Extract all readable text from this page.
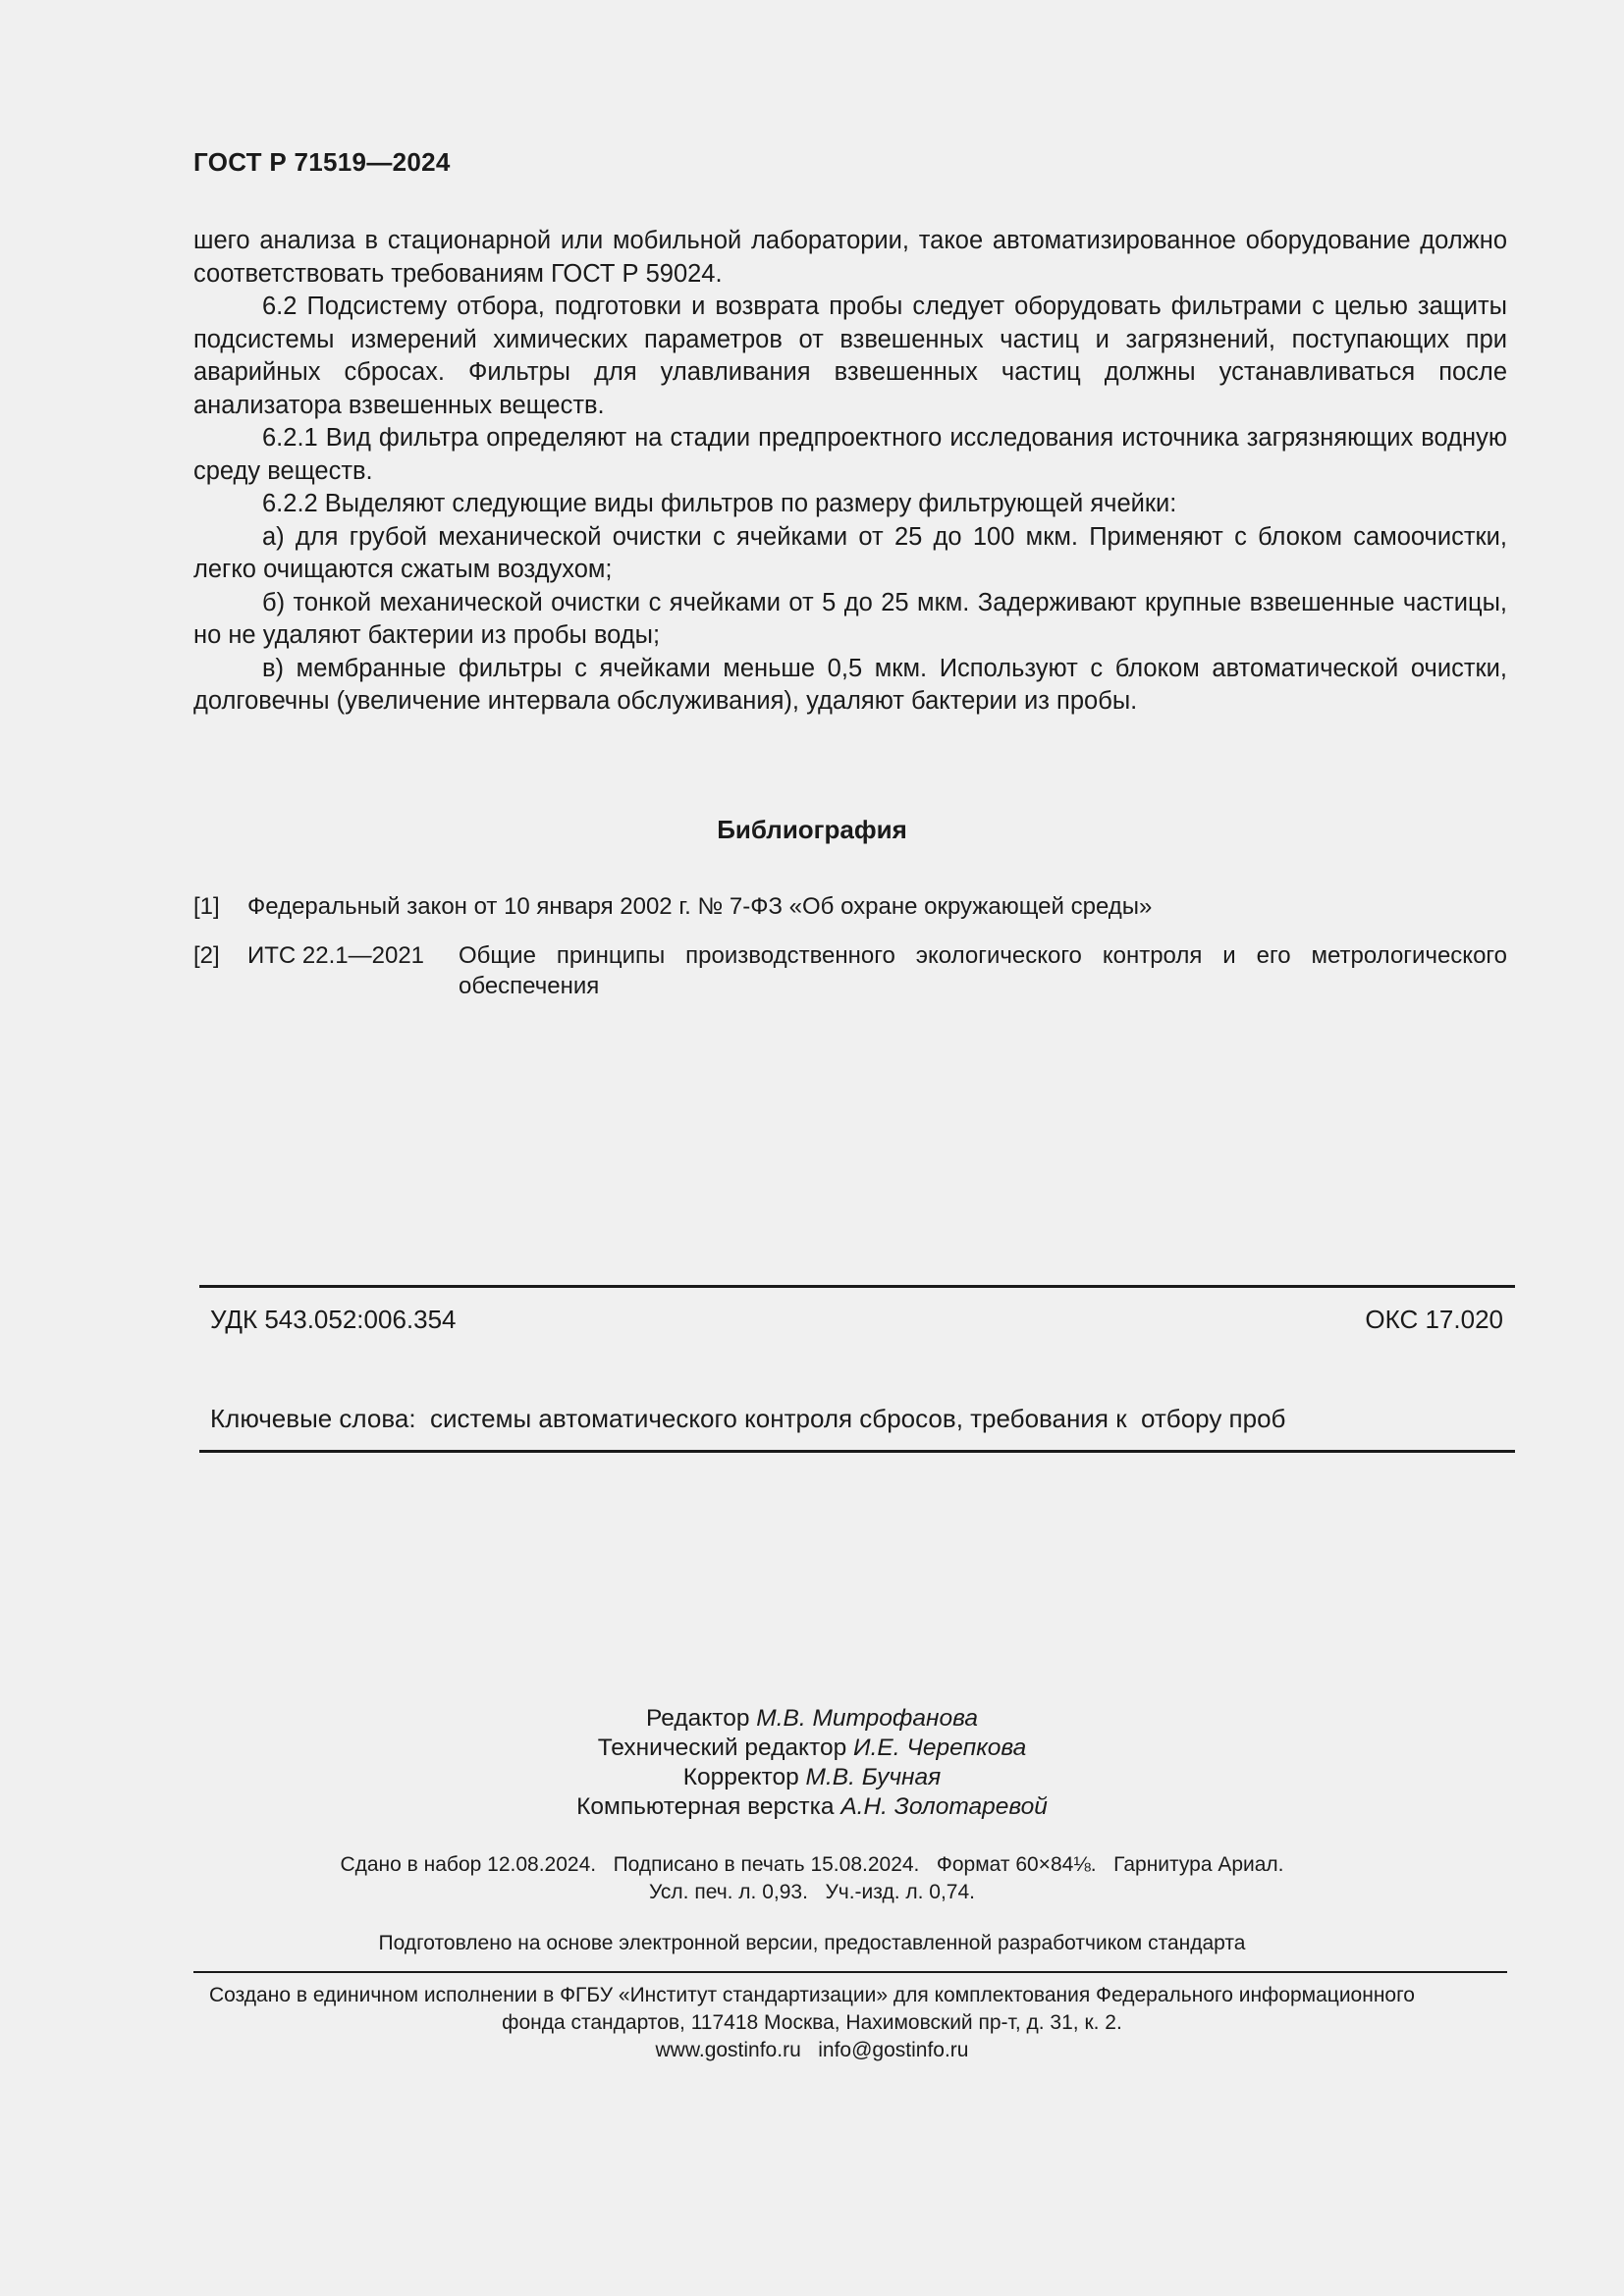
ГОСТ Р 71519—2024

шего анализа в стационарной или мобильной лаборатории, такое автоматизированное оборудование должно соответствовать требованиям ГОСТ Р 59024.

6.2 Подсистему отбора, подготовки и возврата пробы следует оборудовать фильтрами с целью защиты подсистемы измерений химических параметров от взвешенных частиц и загрязнений, поступающих при аварийных сбросах. Фильтры для улавливания взвешенных частиц должны устанавливаться после анализатора взвешенных веществ.

6.2.1 Вид фильтра определяют на стадии предпроектного исследования источника загрязняющих водную среду веществ.

6.2.2 Выделяют следующие виды фильтров по размеру фильтрующей ячейки:

а) для грубой механической очистки с ячейками от 25 до 100 мкм. Применяют с блоком самоочистки, легко очищаются сжатым воздухом;

б) тонкой механической очистки с ячейками от 5 до 25 мкм. Задерживают крупные взвешенные частицы, но не удаляют бактерии из пробы воды;

в) мембранные фильтры с ячейками меньше 0,5 мкм. Используют с блоком автоматической очистки, долговечны (увеличение интервала обслуживания), удаляют бактерии из пробы.

Библиография
[1] Федеральный закон от 10 января 2002 г. № 7-ФЗ «Об охране окружающей среды»
[2] ИТС 22.1—2021 Общие принципы производственного экологического контроля и его метрологического обеспечения
УДК 543.052:006.354	ОКС 17.020
Ключевые слова:  системы автоматического контроля сбросов, требования к  отбору проб
Редактор М.В. Митрофанова
Технический редактор И.Е. Черепкова
Корректор М.В. Бучная
Компьютерная верстка А.Н. Золотаревой
Сдано в набор 12.08.2024.   Подписано в печать 15.08.2024.   Формат 60×84⅛.   Гарнитура Ариал.
Усл. печ. л. 0,93.   Уч.-изд. л. 0,74.
Подготовлено на основе электронной версии, предоставленной разработчиком стандарта
Создано в единичном исполнении в ФГБУ «Институт стандартизации» для комплектования Федерального информационного
фонда стандартов, 117418 Москва, Нахимовский пр-т, д. 31, к. 2.
www.gostinfo.ru   info@gostinfo.ru
